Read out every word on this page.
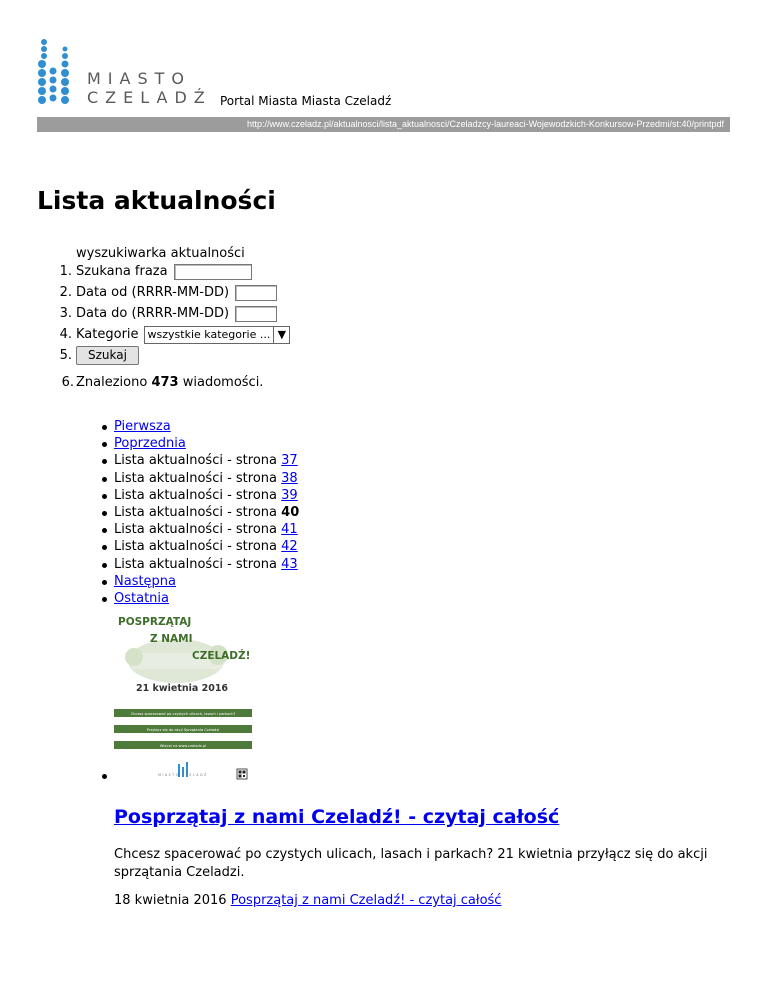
MIASTO
CZELADŹ Portal Miasta Miasta Czeladź
http://www.czeladz.pl/aktualnosci/lista_aktualnosci/Czeladzcy-laureaci-Wojewodzkich-Konkursow-Przedmi/st:40/printpdf
Lista aktualności
wyszukiwarka aktualności
1. Szukana fraza
2. Data od (RRRR-MM-DD)
3. Data do (RRRR-MM-DD)
4. Kategorie wszystkie kategorie ... ▼
5.	Szukaj
6. Znaleziono 473 wiadomości.
Pierwsza
Poprzednia
Lista aktualności - strona 37
Lista aktualności - strona 38
Lista aktualności - strona 39
Lista aktualności - strona 40
Lista aktualności - strona 41
Lista aktualności - strona 42
Lista aktualności - strona 43
Następna
Ostatnia
POSPRZĄTAJ
Z NAMI
CZELADŹ!
21 kwietnia 2016
Chcesz spacerować po czystych ulicach, lasach i parkach?
Przyłącz się do akcji Sprzątania Czeladzi
Więcej na www.czeladz.pl
MIASTO CZELADŹ
Posprzątaj z nami Czeladź! - czytaj całość
Chcesz spacerować po czystych ulicach, lasach i parkach? 21 kwietnia przyłącz się do akcji sprzątania Czeladzi.
18 kwietnia 2016 Posprzątaj z nami Czeladź! - czytaj całość
